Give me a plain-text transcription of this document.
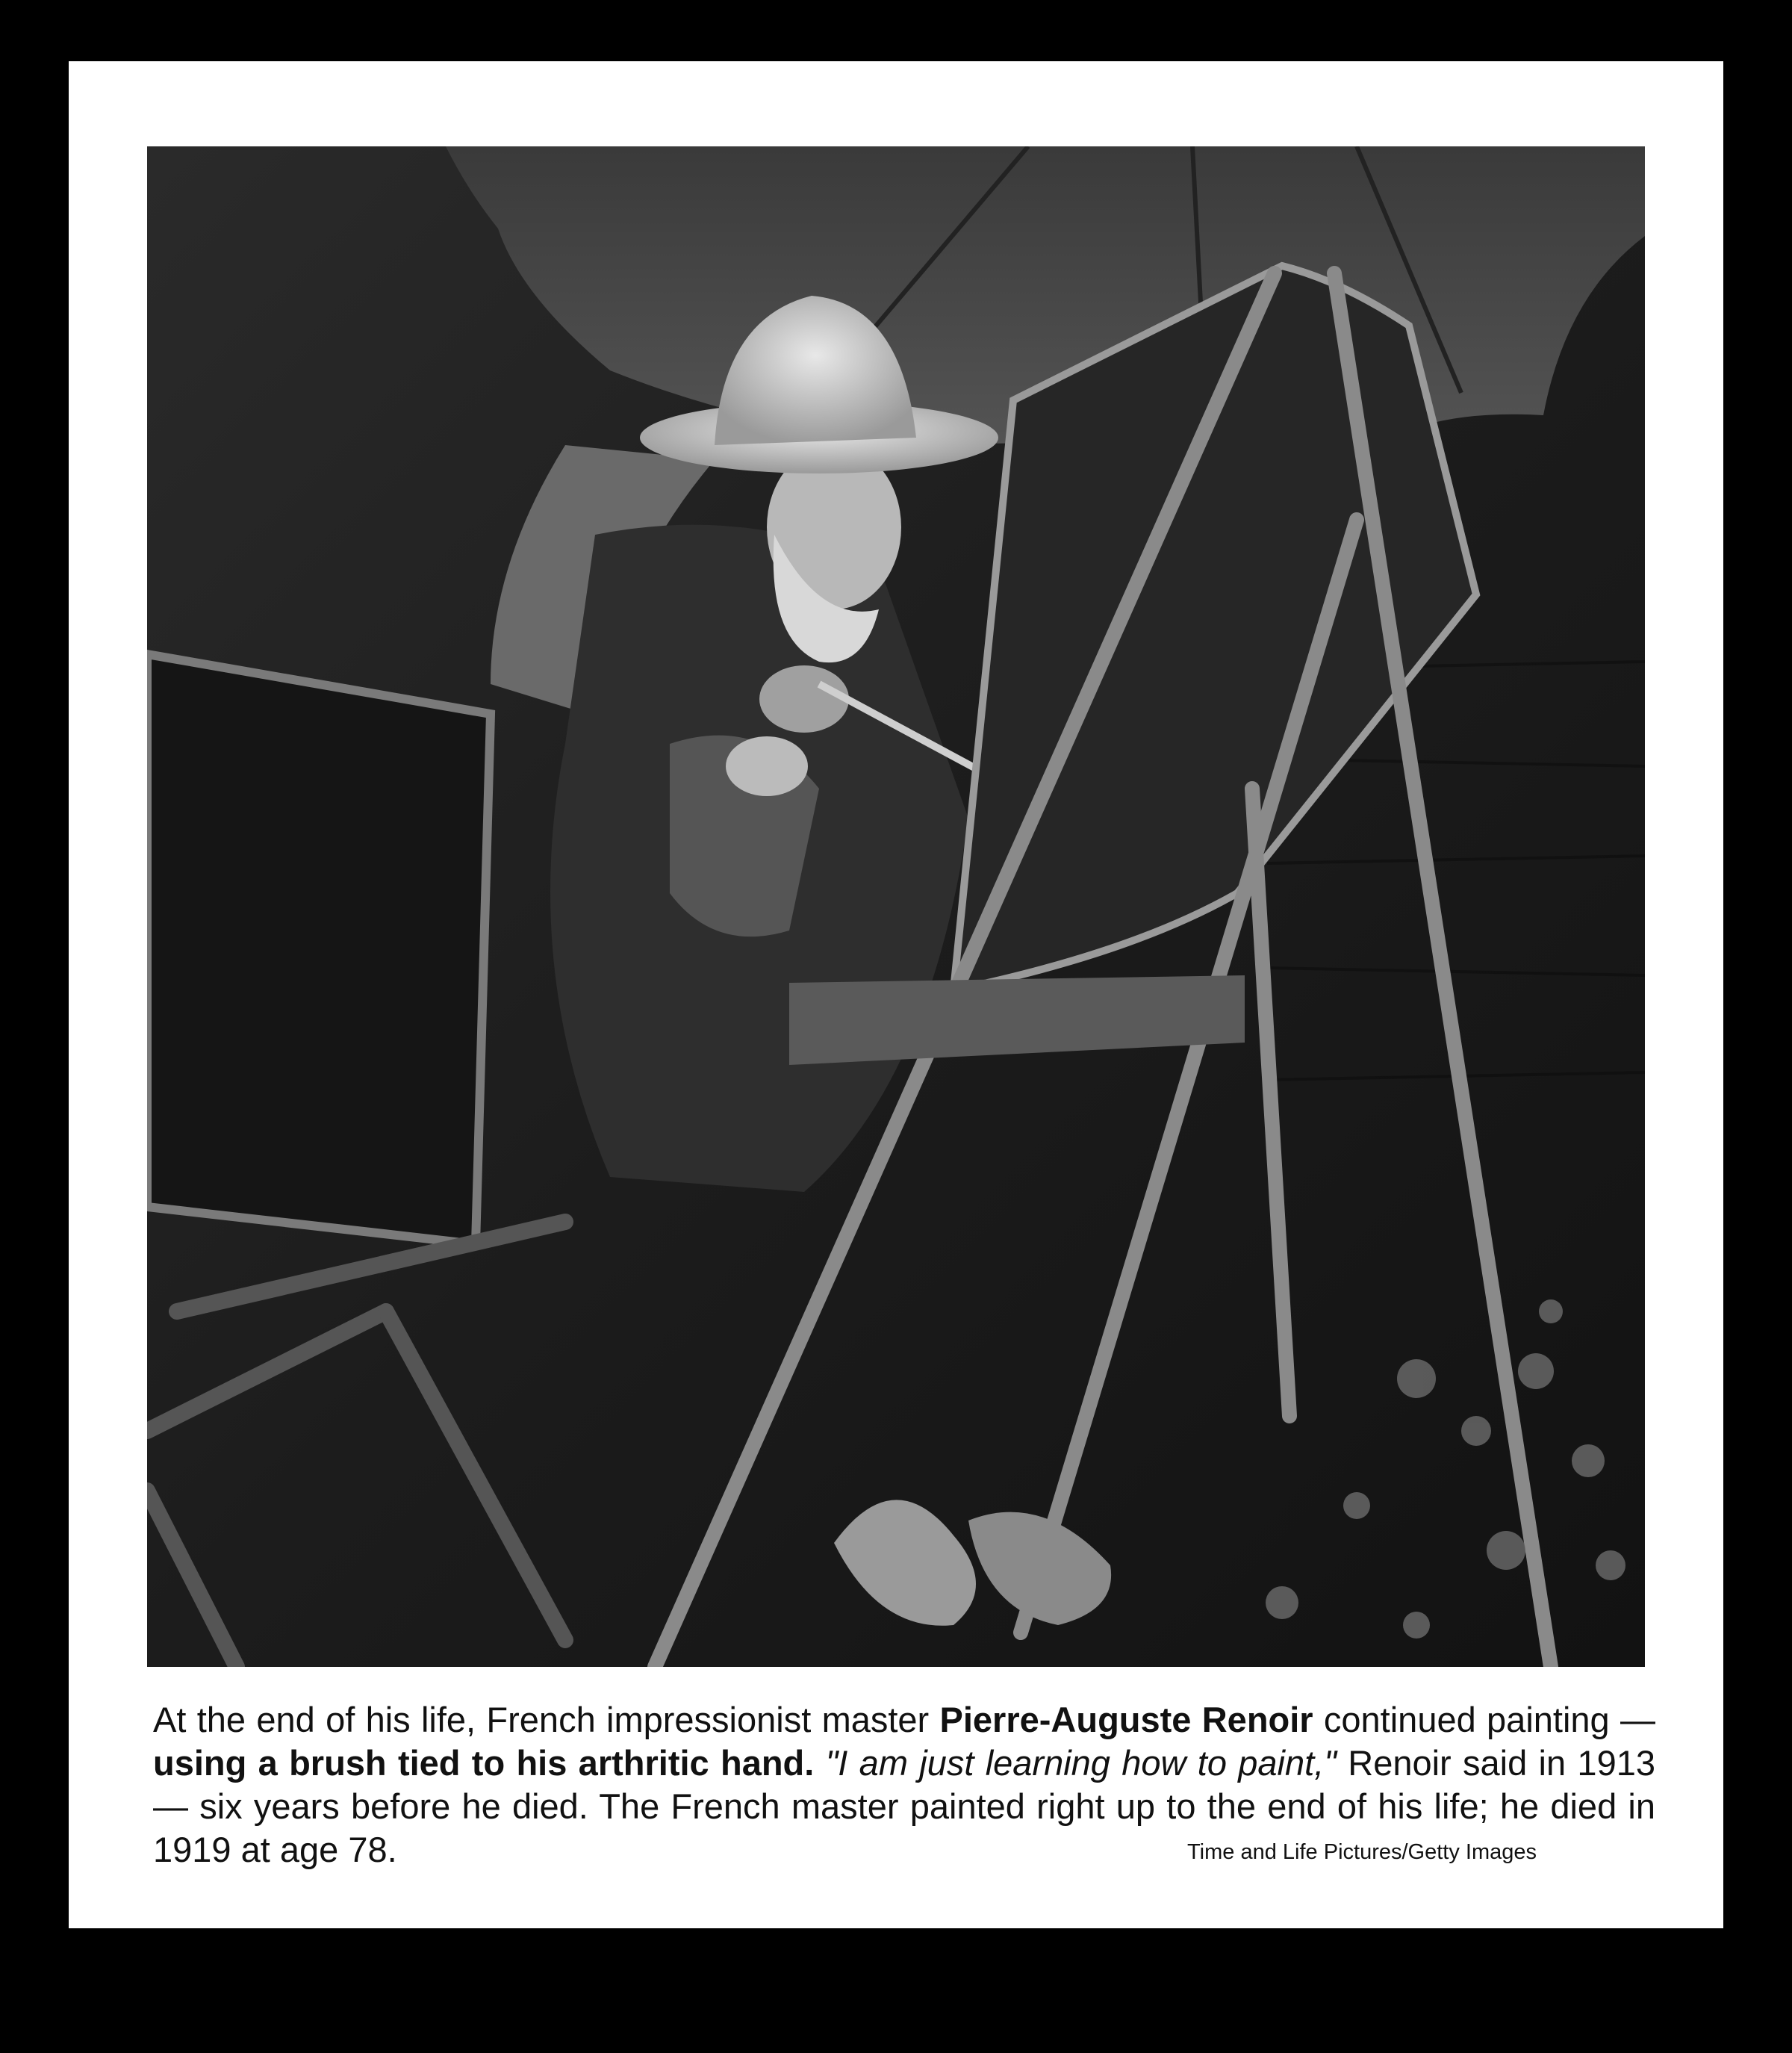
At the end of his life, French impressionist master Pierre-Auguste Renoir continued painting — using a brush tied to his arthritic hand. "I am just learning how to paint," Renoir said in 1913 — six years before he died. The French master painted right up to the end of his life; he died in 1919 at age 78.	Time and Life Pictures/Getty Images
